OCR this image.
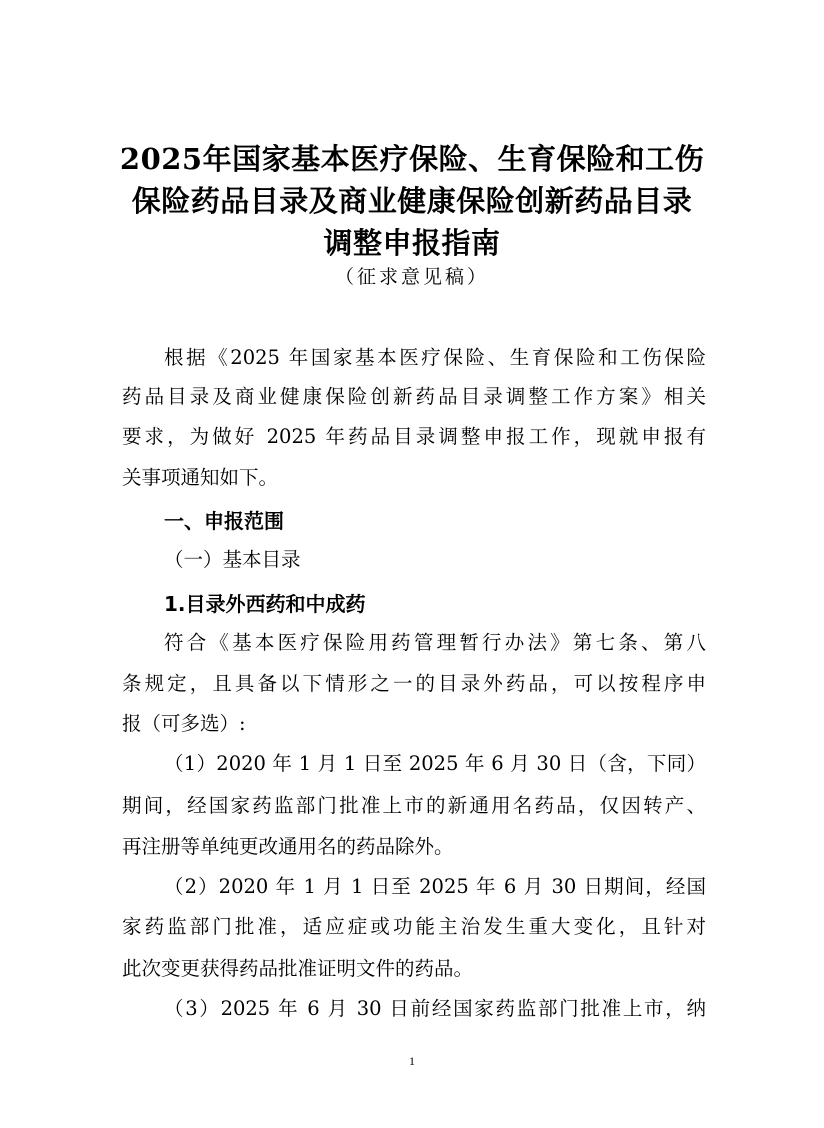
2025年国家基本医疗保险、生育保险和工伤
保险药品目录及商业健康保险创新药品目录
调整申报指南
（征求意见稿）
根据《2025 年国家基本医疗保险、生育保险和工伤保险
药品目录及商业健康保险创新药品目录调整工作方案》相关
要求，为做好 2025 年药品目录调整申报工作，现就申报有
关事项通知如下。
一、申报范围
（一）基本目录
1.目录外西药和中成药
符合《基本医疗保险用药管理暂行办法》第七条、第八
条规定，且具备以下情形之一的目录外药品，可以按程序申
报（可多选）:
（1）2020 年 1 月 1 日至 2025 年 6 月 30 日（含，下同）
期间，经国家药监部门批准上市的新通用名药品，仅因转产、
再注册等单纯更改通用名的药品除外。
（2）2020 年 1 月 1 日至 2025 年 6 月 30 日期间，经国
家药监部门批准，适应症或功能主治发生重大变化，且针对
此次变更获得药品批准证明文件的药品。
（3）2025 年 6 月 30 日前经国家药监部门批准上市，纳
1
